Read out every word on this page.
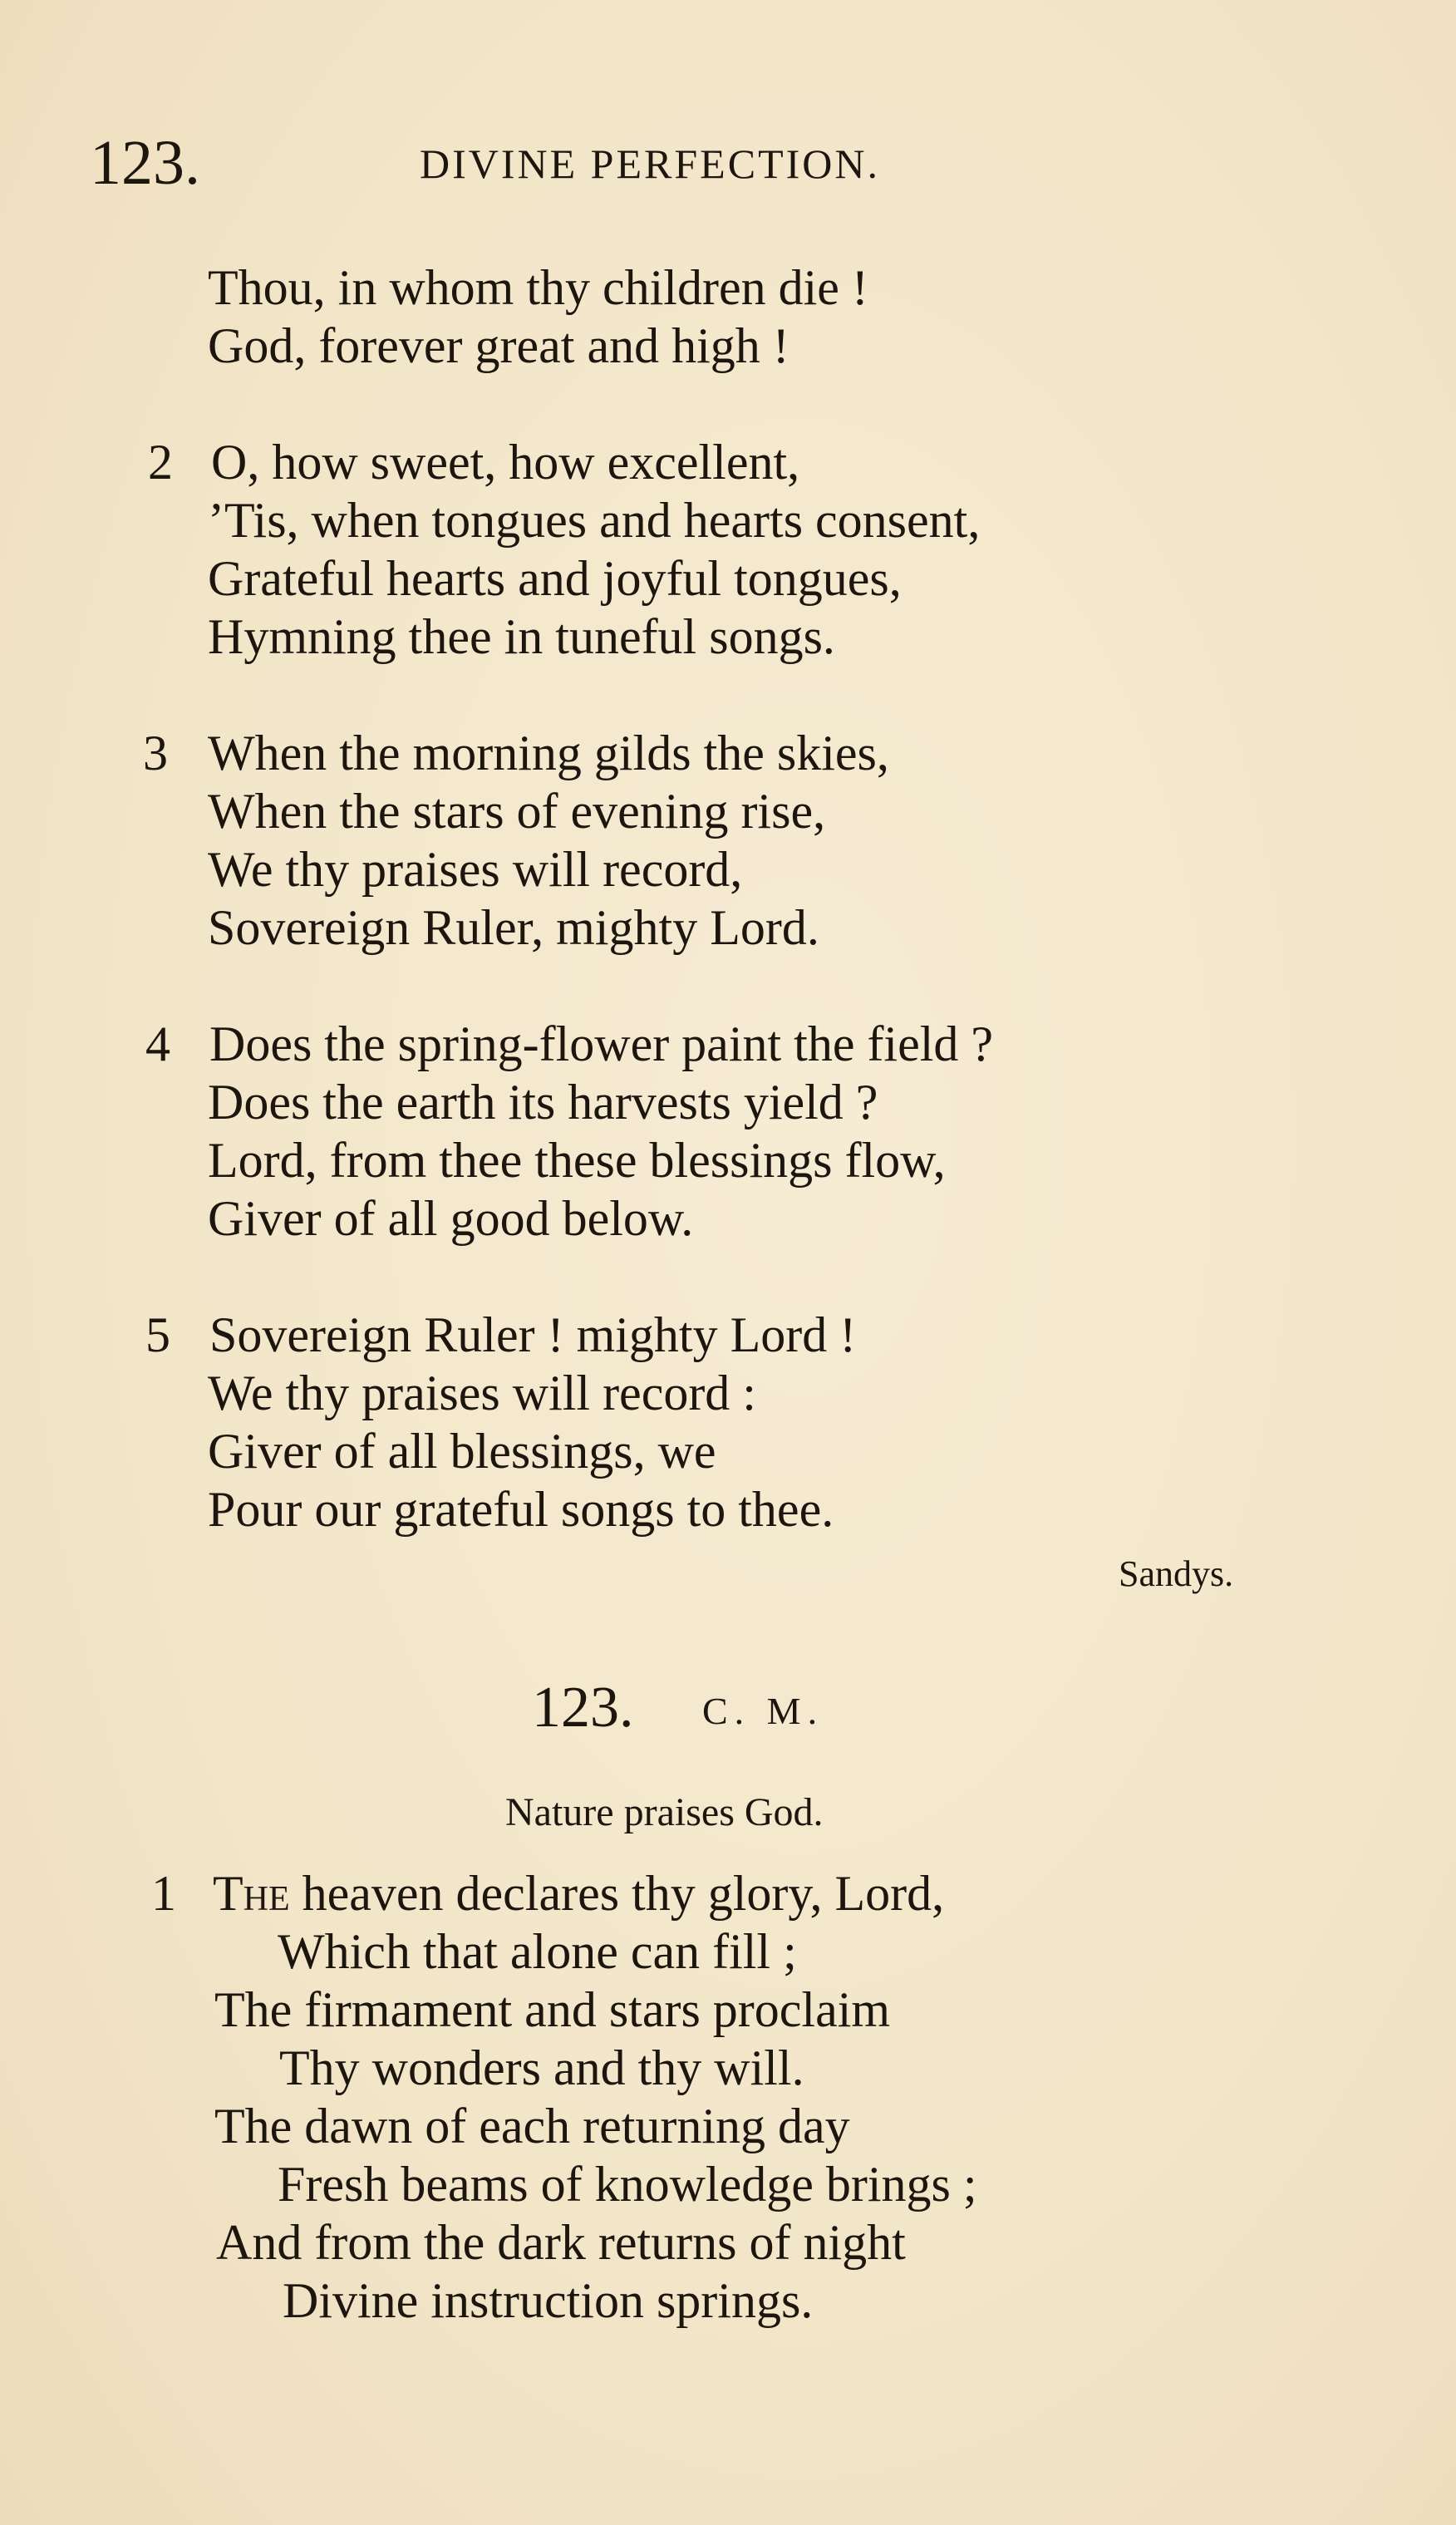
123.	DIVINE PERFECTION.
Thou, in whom thy children die !
God, forever great and high !
2 O, how sweet, how excellent,
’Tis, when tongues and hearts consent,
Grateful hearts and joyful tongues,
Hymning thee in tuneful songs.
3 When the morning gilds the skies,
When the stars of evening rise,
We thy praises will record,
Sovereign Ruler, mighty Lord.
4 Does the spring-flower paint the field ?
Does the earth its harvests yield ?
Lord, from thee these blessings flow,
Giver of all good below.
5 Sovereign Ruler ! mighty Lord !
We thy praises will record :
Giver of all blessings, we
Pour our grateful songs to thee.
Sandys.
123. C. M.
Nature praises God.
1 The heaven declares thy glory, Lord,
Which that alone can fill ;
The firmament and stars proclaim
Thy wonders and thy will.
The dawn of each returning day
Fresh beams of knowledge brings ;
And from the dark returns of night
Divine instruction springs.
